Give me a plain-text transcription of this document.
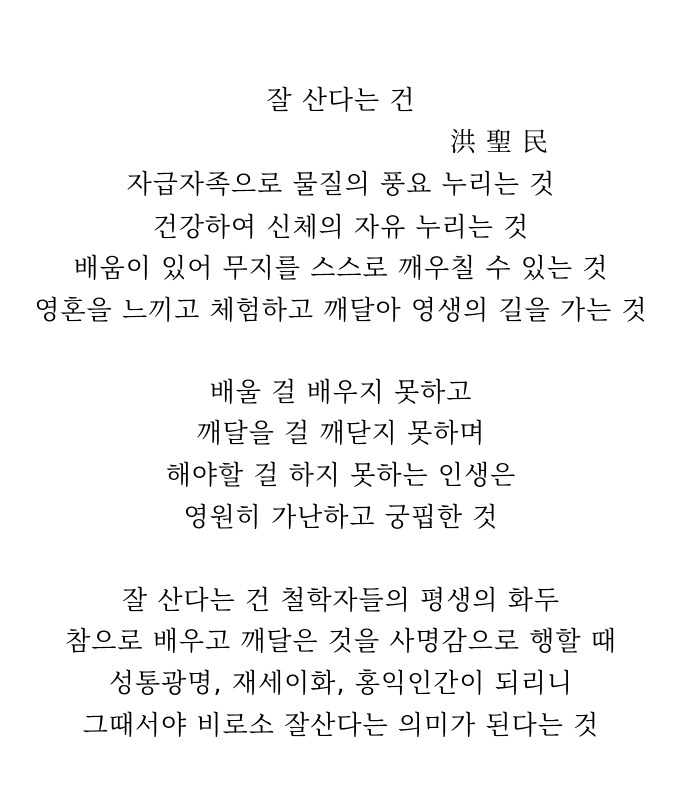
잘 산다는 건
洪聖民
자급자족으로 물질의 풍요 누리는 것
건강하여 신체의 자유 누리는 것
배움이 있어 무지를 스스로 깨우칠 수 있는 것
영혼을 느끼고 체험하고 깨달아 영생의 길을 가는 것
배울 걸 배우지 못하고
깨달을 걸 깨닫지 못하며
해야할 걸 하지 못하는 인생은
영원히 가난하고 궁핍한 것
잘 산다는 건 철학자들의 평생의 화두
참으로 배우고 깨달은 것을 사명감으로 행할 때
성통광명, 재세이화, 홍익인간이 되리니
그때서야 비로소 잘산다는 의미가 된다는 것
